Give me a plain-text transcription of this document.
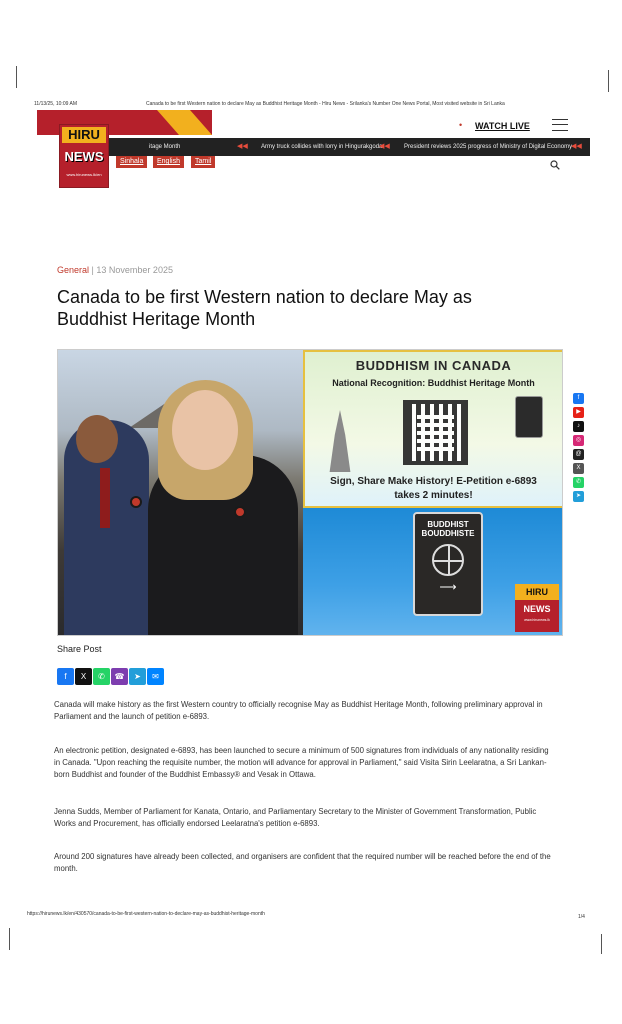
11/13/25, 10:09 AM	Canada to be first Western nation to declare May as Buddhist Heritage Month - Hiru News - Srilanka's Number One News Portal, Most visited website in Sri Lanka
itage Month	◀◀ Army truck collides with lorry in Hingurakgoda
◀◀ President reviews 2025 progress of Ministry of Digital Economy
◀◀
HIRU
NEWS
www.hirunews.lk/en
• WATCH LIVE
Sinhala	English	Tamil
General | 13 November 2025
Canada to be first Western nation to declare May as Buddhist Heritage Month
BUDDHISM IN CANADA
National Recognition: Buddhist Heritage Month
Sign, Share Make History! E-Petition e-6893
takes 2 minutes!
BUDDHIST
BOUDDHISTE
⟶	HIRU
NEWS
www.hirunews.lk
f
▶
♪
◎
@
X
✆
➤
Share Post
f X ✆ ☎ ➤ ✉

Canada will make history as the first Western country to officially recognise May as Buddhist Heritage Month, following preliminary approval in Parliament and the launch of petition e-6893.

An electronic petition, designated e-6893, has been launched to secure a minimum of 500 signatures from individuals of any nationality residing in Canada. "Upon reaching the requisite number, the motion will advance for approval in Parliament," said Visita Sirin Leelaratna, a Sri Lankan-born Buddhist and founder of the Buddhist Embassy® and Vesak in Ottawa.

Jenna Sudds, Member of Parliament for Kanata, Ontario, and Parliamentary Secretary to the Minister of Government Transformation, Public Works and Procurement, has officially endorsed Leelaratna's petition e-6893.

Around 200 signatures have already been collected, and organisers are confident that the required number will be reached before the end of the month.

https://hirunews.lk/en/430570/canada-to-be-first-western-nation-to-declare-may-as-buddhist-heritage-month	1/4
